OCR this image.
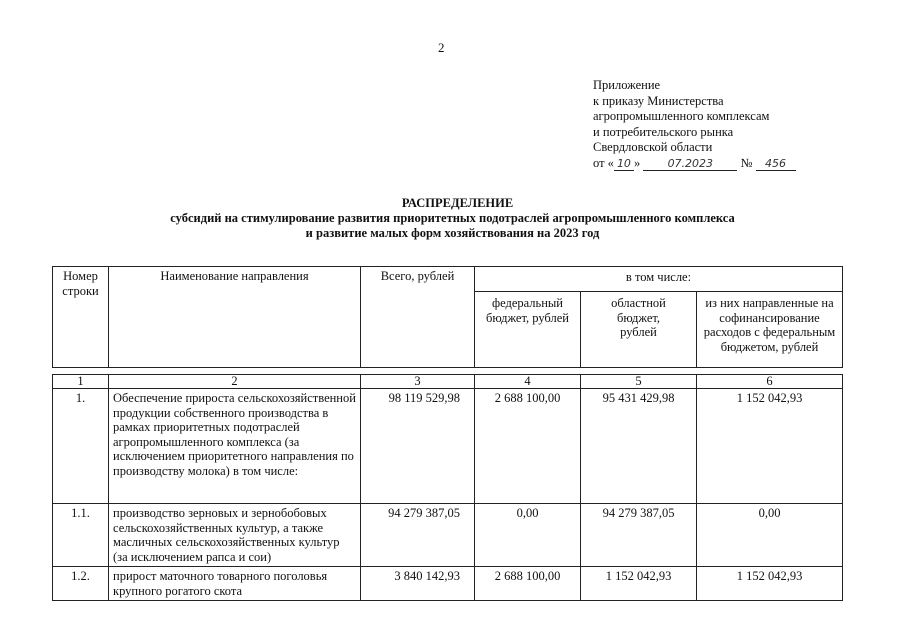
2
Приложение
к приказу Министерства
агропромышленного комплексам
и потребительского рынка
Свердловской области
от « 10 » 07.2023 № 456
РАСПРЕДЕЛЕНИЕ
субсидий на стимулирование развития приоритетных подотраслей агропромышленного комплекса
и развитие малых форм хозяйствования на 2023 год
Номер строки	Наименование направления	Всего, рублей	в том числе:		
			федеральный бюджет, рублей	областной бюджет, рублей	из них направленные на софинансирование расходов с федеральным бюджетом, рублей

1	2	3	4	5	6
1.	Обеспечение прироста сельскохозяйственной продукции собственного производства в рамках приоритетных подотраслей агропромышленного комплекса (за исключением приоритетного направления по производству молока) в том числе:	98 119 529,98	2 688 100,00	95 431 429,98	1 152 042,93
1.1.	производство зерновых и зернобобовых сельскохозяйственных культур, а также масличных сельскохозяйственных культур (за исключением рапса и сои)	94 279 387,05	0,00	94 279 387,05	0,00
1.2.	прирост маточного товарного поголовья крупного рогатого скота	3 840 142,93	2 688 100,00	1 152 042,93	1 152 042,93
